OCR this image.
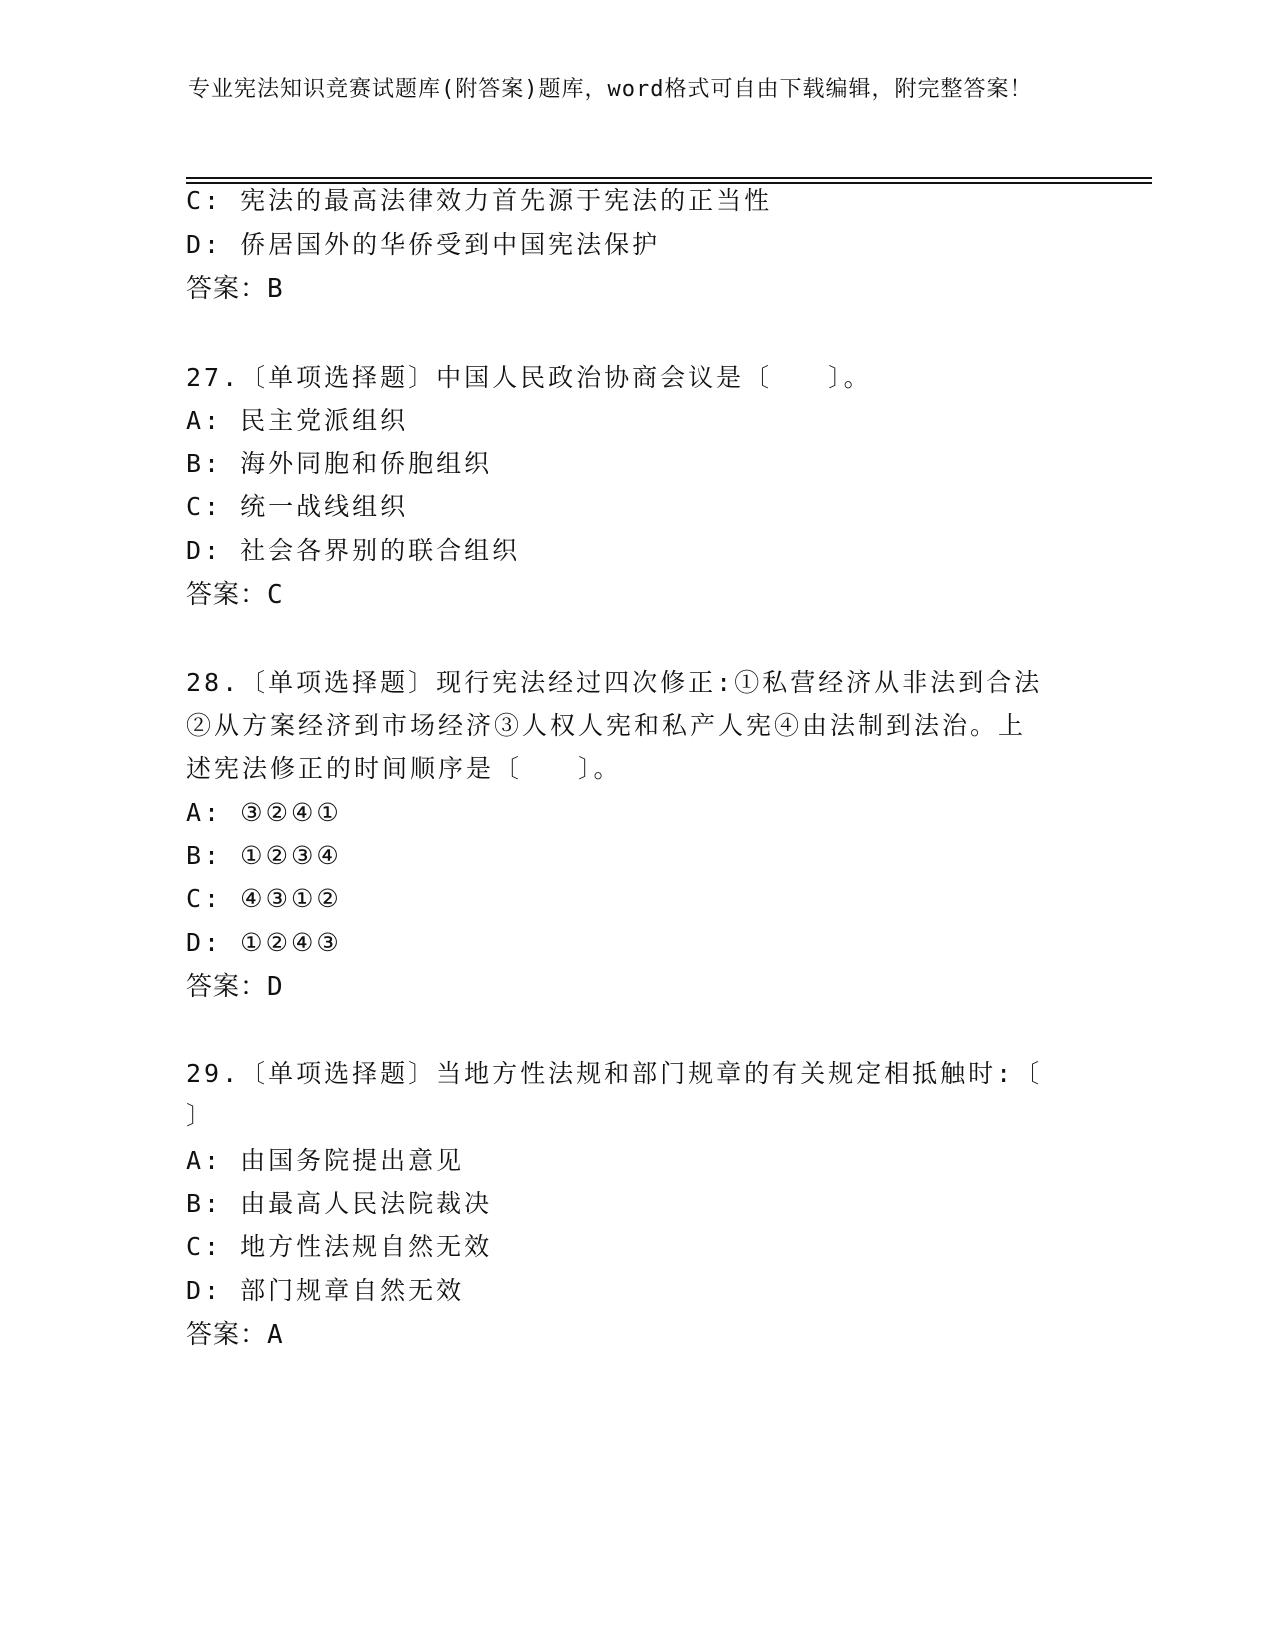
专业宪法知识竞赛试题库(附答案)题库，word格式可自由下载编辑，附完整答案！
C: 宪法的最高法律效力首先源于宪法的正当性
D: 侨居国外的华侨受到中国宪法保护
答案：B
27.〔单项选择题〕中国人民政治协商会议是〔　　〕。
A: 民主党派组织
B: 海外同胞和侨胞组织
C: 统一战线组织
D: 社会各界别的联合组织
答案：C
28.〔单项选择题〕现行宪法经过四次修正:①私营经济从非法到合法
②从方案经济到市场经济③人权人宪和私产人宪④由法制到法治。上
述宪法修正的时间顺序是〔　　〕。
A: ③②④①
B: ①②③④
C: ④③①②
D: ①②④③
答案：D
29.〔单项选择题〕当地方性法规和部门规章的有关规定相抵触时:〔
〕
A: 由国务院提出意见
B: 由最高人民法院裁决
C: 地方性法规自然无效
D: 部门规章自然无效
答案：A
